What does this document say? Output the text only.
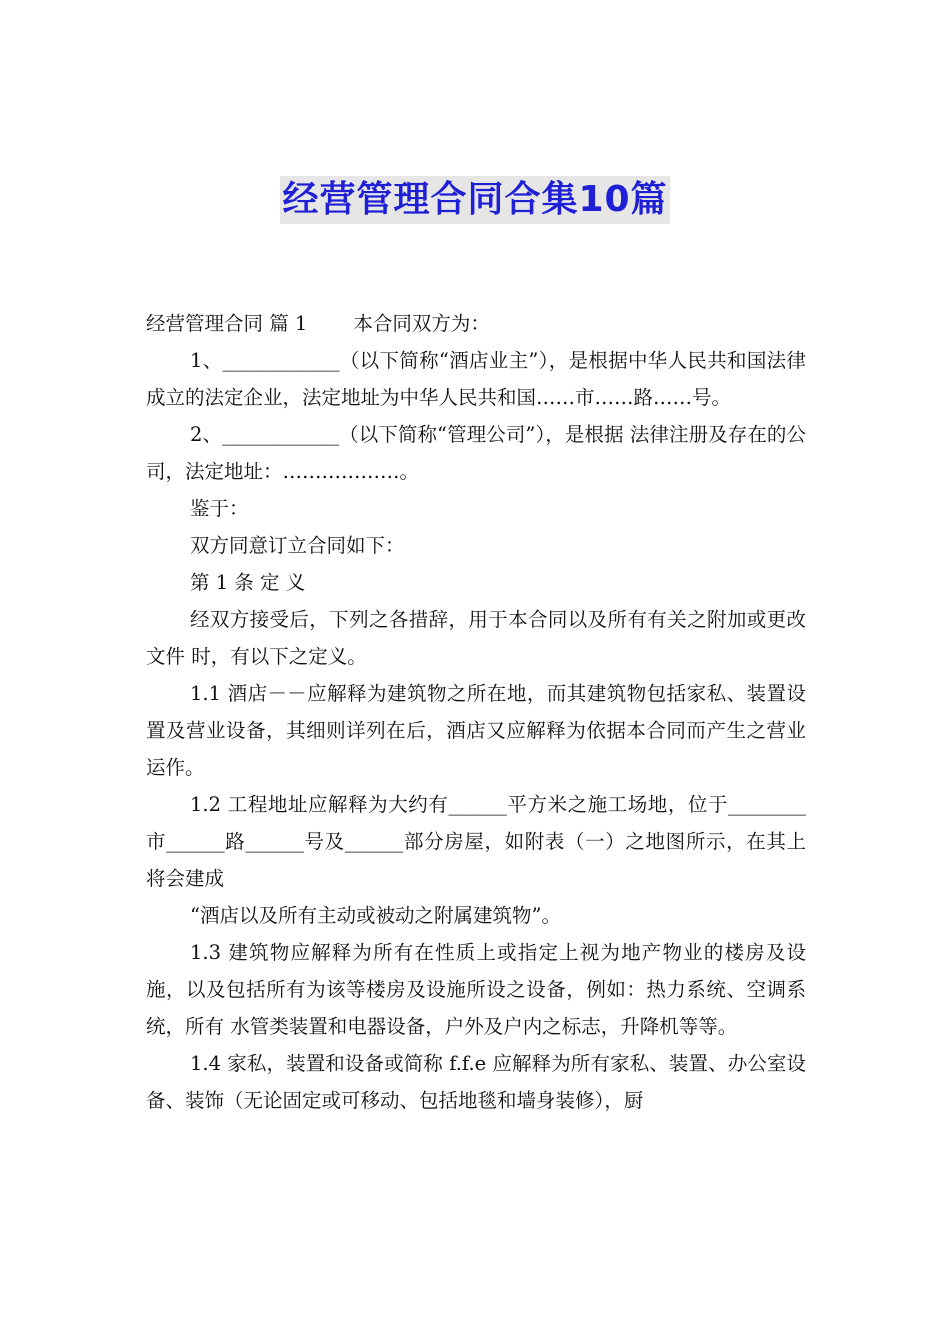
经营管理合同合集10篇

经营管理合同 篇 1 本合同双方为：

1、____________（以下简称“酒店业主”），是根据中华人民共和国法律成立的法定企业，法定地址为中华人民共和国……市……路……号。

2、____________（以下简称“管理公司”），是根据 法律注册及存在的公司，法定地址：………………。

鉴于：

双方同意订立合同如下：

第 1 条 定 义

经双方接受后，下列之各措辞，用于本合同以及所有有关之附加或更改文件 时，有以下之定义。

1.1 酒店－－应解释为建筑物之所在地，而其建筑物包括家私、装置设置及营业设备，其细则详列在后，酒店又应解释为依据本合同而产生之营业运作。

1.2 工程地址应解释为大约有______平方米之施工场地，位于________市______路______号及______部分房屋，如附表（一）之地图所示，在其上将会建成

“酒店以及所有主动或被动之附属建筑物”。

1.3 建筑物应解释为所有在性质上或指定上视为地产物业的楼房及设施，以及包括所有为该等楼房及设施所设之设备，例如：热力系统、空调系统，所有 水管类装置和电器设备，户外及户内之标志，升降机等等。

1.4 家私，装置和设备或简称 f.f.e 应解释为所有家私、装置、办公室设备、装饰（无论固定或可移动、包括地毯和墙身装修），厨
